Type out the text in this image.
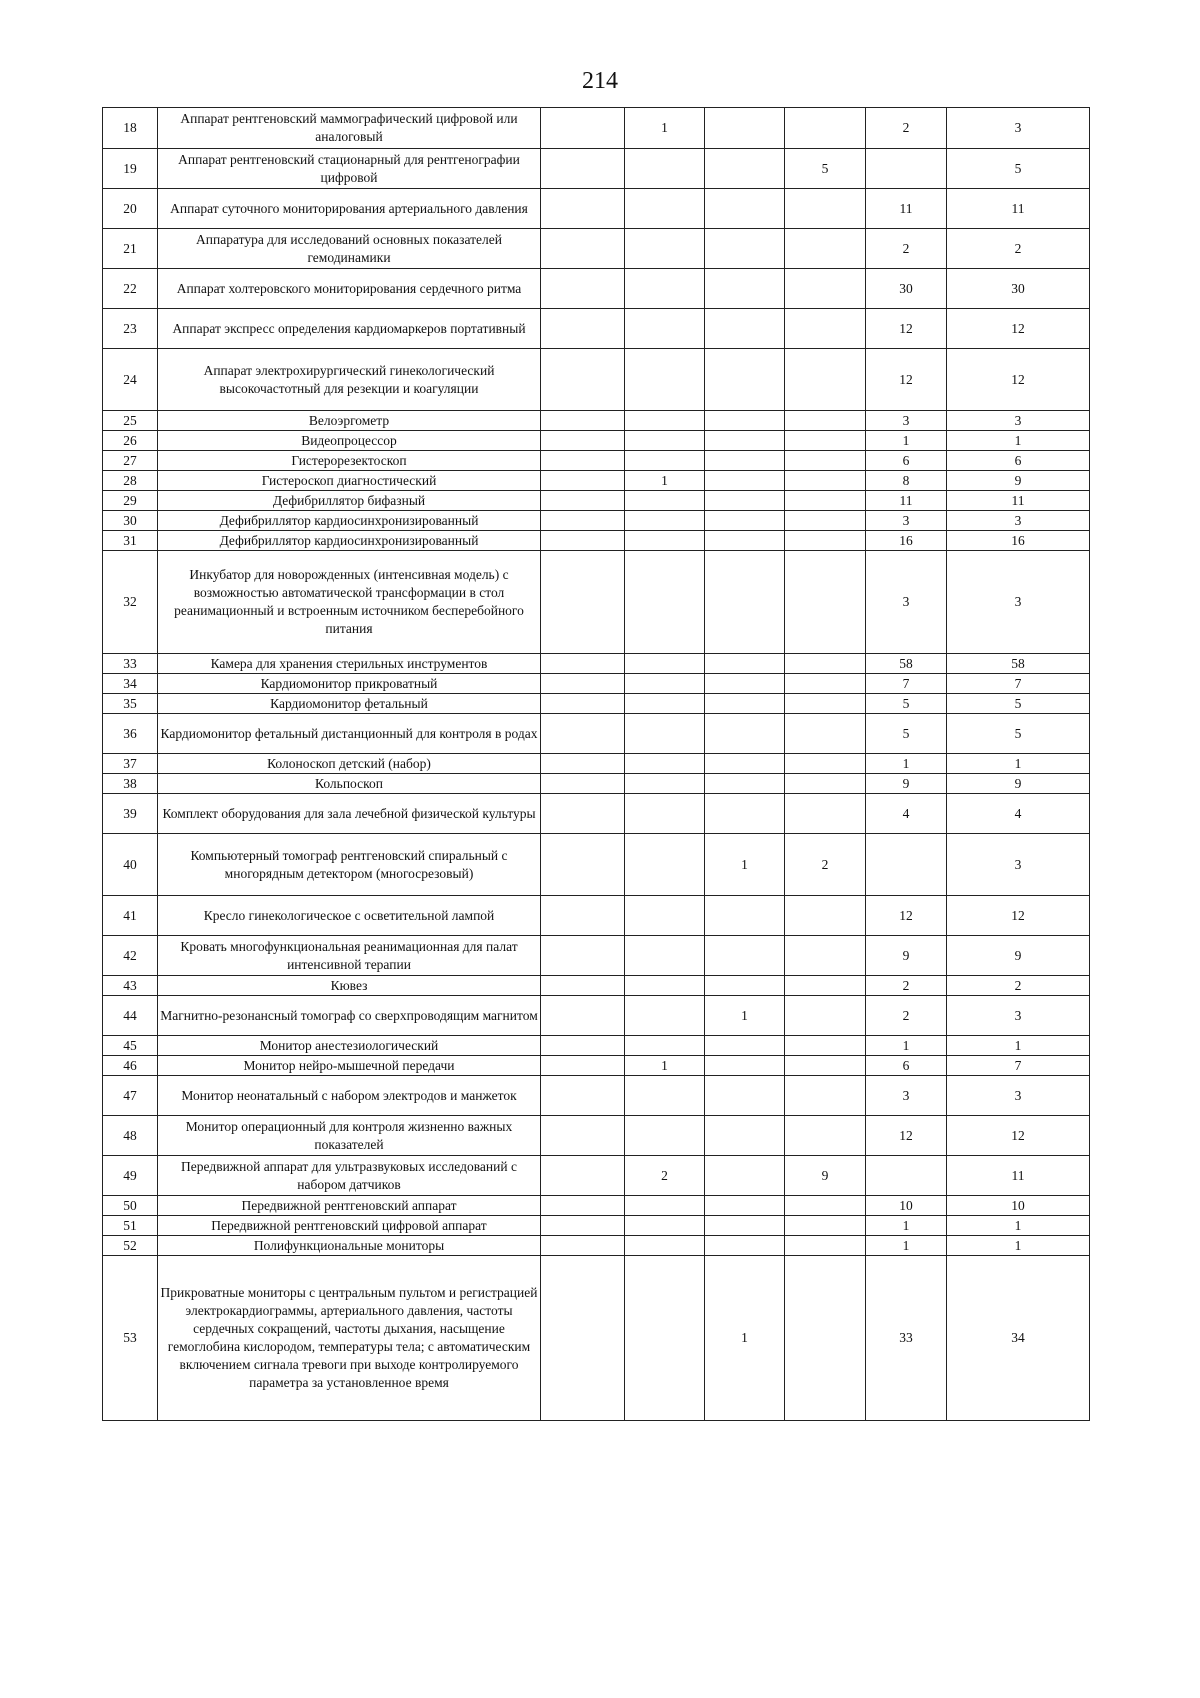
214
18	Аппарат рентгеновский маммографический цифровой или аналоговый		1			2	3
19	Аппарат рентгеновский стационарный для рентгенографии цифровой				5		5
20	Аппарат суточного мониторирования артериального давления					11	11
21	Аппаратура для исследований основных показателей гемодинамики					2	2
22	Аппарат холтеровского мониторирования сердечного ритма					30	30
23	Аппарат экспресс определения кардиомаркеров портативный					12	12
24	Аппарат электрохирургический гинекологический высокочастотный для резекции и коагуляции					12	12
25	Велоэргометр					3	3
26	Видеопроцессор					1	1
27	Гистерорезектоскоп					6	6
28	Гистероскоп диагностический		1			8	9
29	Дефибриллятор бифазный					11	11
30	Дефибриллятор кардиосинхронизированный					3	3
31	Дефибриллятор кардиосинхронизированный					16	16
32	Инкубатор для новорожденных (интенсивная модель) с возможностью автоматической трансформации в стол реанимационный и встроенным источником бесперебойного питания					3	3
33	Камера для хранения стерильных инструментов					58	58
34	Кардиомонитор прикроватный					7	7
35	Кардиомонитор фетальный					5	5
36	Кардиомонитор фетальный дистанционный для контроля в родах					5	5
37	Колоноскоп детский (набор)					1	1
38	Кольпоскоп					9	9
39	Комплект оборудования для зала лечебной физической культуры					4	4
40	Компьютерный томограф рентгеновский спиральный с многорядным детектором (многосрезовый)			1	2		3
41	Кресло гинекологическое с осветительной лампой					12	12
42	Кровать многофункциональная реанимационная для палат интенсивной терапии					9	9
43	Кювез					2	2
44	Магнитно-резонансный томограф со сверхпроводящим магнитом			1		2	3
45	Монитор анестезиологический					1	1
46	Монитор нейро-мышечной передачи		1			6	7
47	Монитор неонатальный с набором электродов и манжеток					3	3
48	Монитор операционный для контроля жизненно важных показателей					12	12
49	Передвижной аппарат для ультразвуковых исследований с набором датчиков		2		9		11
50	Передвижной рентгеновский аппарат					10	10
51	Передвижной рентгеновский цифровой аппарат					1	1
52	Полифункциональные мониторы					1	1
53	Прикроватные мониторы с центральным пультом и регистрацией электрокардиограммы, артериального давления, частоты сердечных сокращений, частоты дыхания, насыщение гемоглобина кислородом, температуры тела; с автоматическим включением сигнала тревоги при выходе контролируемого параметра за установленное время			1		33	34
